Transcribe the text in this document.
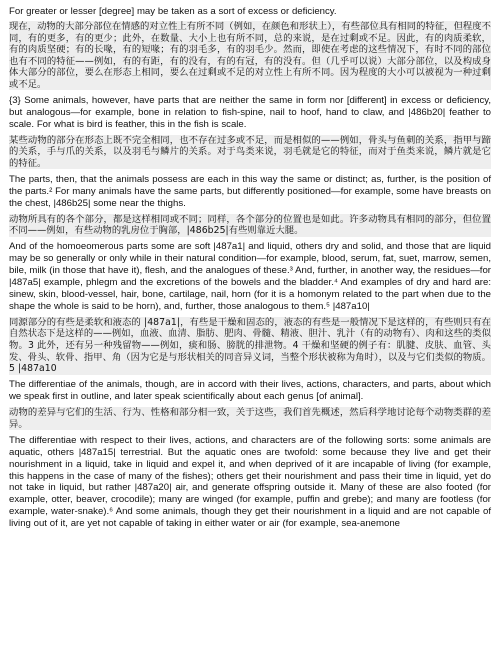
For greater or lesser [degree] may be taken as a sort of excess or deficiency.

现在，动物的大部分部位在情感的对立性上有所不同（例如，在颜色和形状上），有些部位具有相同的特征，但程度不同，有的更多，有的更少；此外，在数量、大小上也有所不同，总的来说，是在过剩或不足。因此，有的肉质柔软，有的肉质坚硬；有的长喙，有的短喙；有的羽毛多，有的羽毛少。然而，即使在考虑的这些情况下，有时不同的部位也有不同的特征——例如，有的有距，有的没有，有的有冠，有的没有。但（几乎可以说）大部分部位，以及构成身体大部分的部位，要么在形态上相同，要么在过剩或不足的对立性上有所不同。因为程度的大小可以被视为一种过剩或不足。

{3} Some animals, however, have parts that are neither the same in form nor [different] in excess or deficiency, but analogous—for example, bone in relation to fish-spine, nail to hoof, hand to claw, and |486b20| feather to scale. For what is bird is feather, this in the fish is scale.

某些动物的部分在形态上既不完全相同，也不存在过多或不足，而是相似的——例如，骨头与鱼刺的关系，指甲与蹄的关系，手与爪的关系，以及羽毛与鳞片的关系。对于鸟类来说，羽毛就是它的特征，而对于鱼类来说，鳞片就是它的特征。

The parts, then, that the animals possess are each in this way the same or distinct; as, further, is the position of the parts.² For many animals have the same parts, but differently positioned—for example, some have breasts on the chest, |486b25| some near the thighs.

动物所具有的各个部分，都是这样相同或不同；同样，各个部分的位置也是如此。许多动物具有相同的部分，但位置不同——例如，有些动物的乳房位于胸部，|486b25|有些则靠近大腿。

And of the homoeomerous parts some are soft |487a1| and liquid, others dry and solid, and those that are liquid may be so generally or only while in their natural condition—for example, blood, serum, fat, suet, marrow, semen, bile, milk (in those that have it), flesh, and the analogues of these.³ And, further, in another way, the residues—for |487a5| example, phlegm and the excretions of the bowels and the bladder.⁴ And examples of dry and hard are: sinew, skin, blood-vessel, hair, bone, cartilage, nail, horn (for it is a homonym related to the part when due to the shape the whole is said to be horn), and, further, those analogous to them.⁵ |487a10|

同源部分的有些是柔软和液态的 |487a1|，有些是干燥和固态的，液态的有些是一般情况下是这样的，有些则只有在自然状态下是这样的——例如，血液、血清、脂肪、肥肉、骨髓、精液、胆汁、乳汁（有的动物有）、肉和这些的类似物。3 此外，还有另一种残留物——例如，痰和肠、膀胱的排泄物。4 干燥和坚硬的例子有：肌腱、皮肤、血管、头发、骨头、软骨、指甲、角（因为它是与形状相关的同音异义词，当整个形状被称为角时），以及与它们类似的物质。5 |487a10

The differentiae of the animals, though, are in accord with their lives, actions, characters, and parts, about which we speak first in outline, and later speak scientifically about each genus [of animal].

动物的差异与它们的生活、行为、性格和部分相一致，关于这些，我们首先概述，然后科学地讨论每个动物类群的差异。

The differentiae with respect to their lives, actions, and characters are of the following sorts: some animals are aquatic, others |487a15| terrestrial. But the aquatic ones are twofold: some because they live and get their nourishment in a liquid, take in liquid and expel it, and when deprived of it are incapable of living (for example, this happens in the case of many of the fishes); others get their nourishment and pass their time in liquid, yet do not take in liquid, but rather |487a20| air, and generate offspring outside it. Many of these are also footed (for example, otter, beaver, crocodile); many are winged (for example, puffin and grebe); and many are footless (for example, water-snake).⁶ And some animals, though they get their nourishment in a liquid and are not capable of living out of it, are yet not capable of taking in either water or air (for example, sea-anemone
